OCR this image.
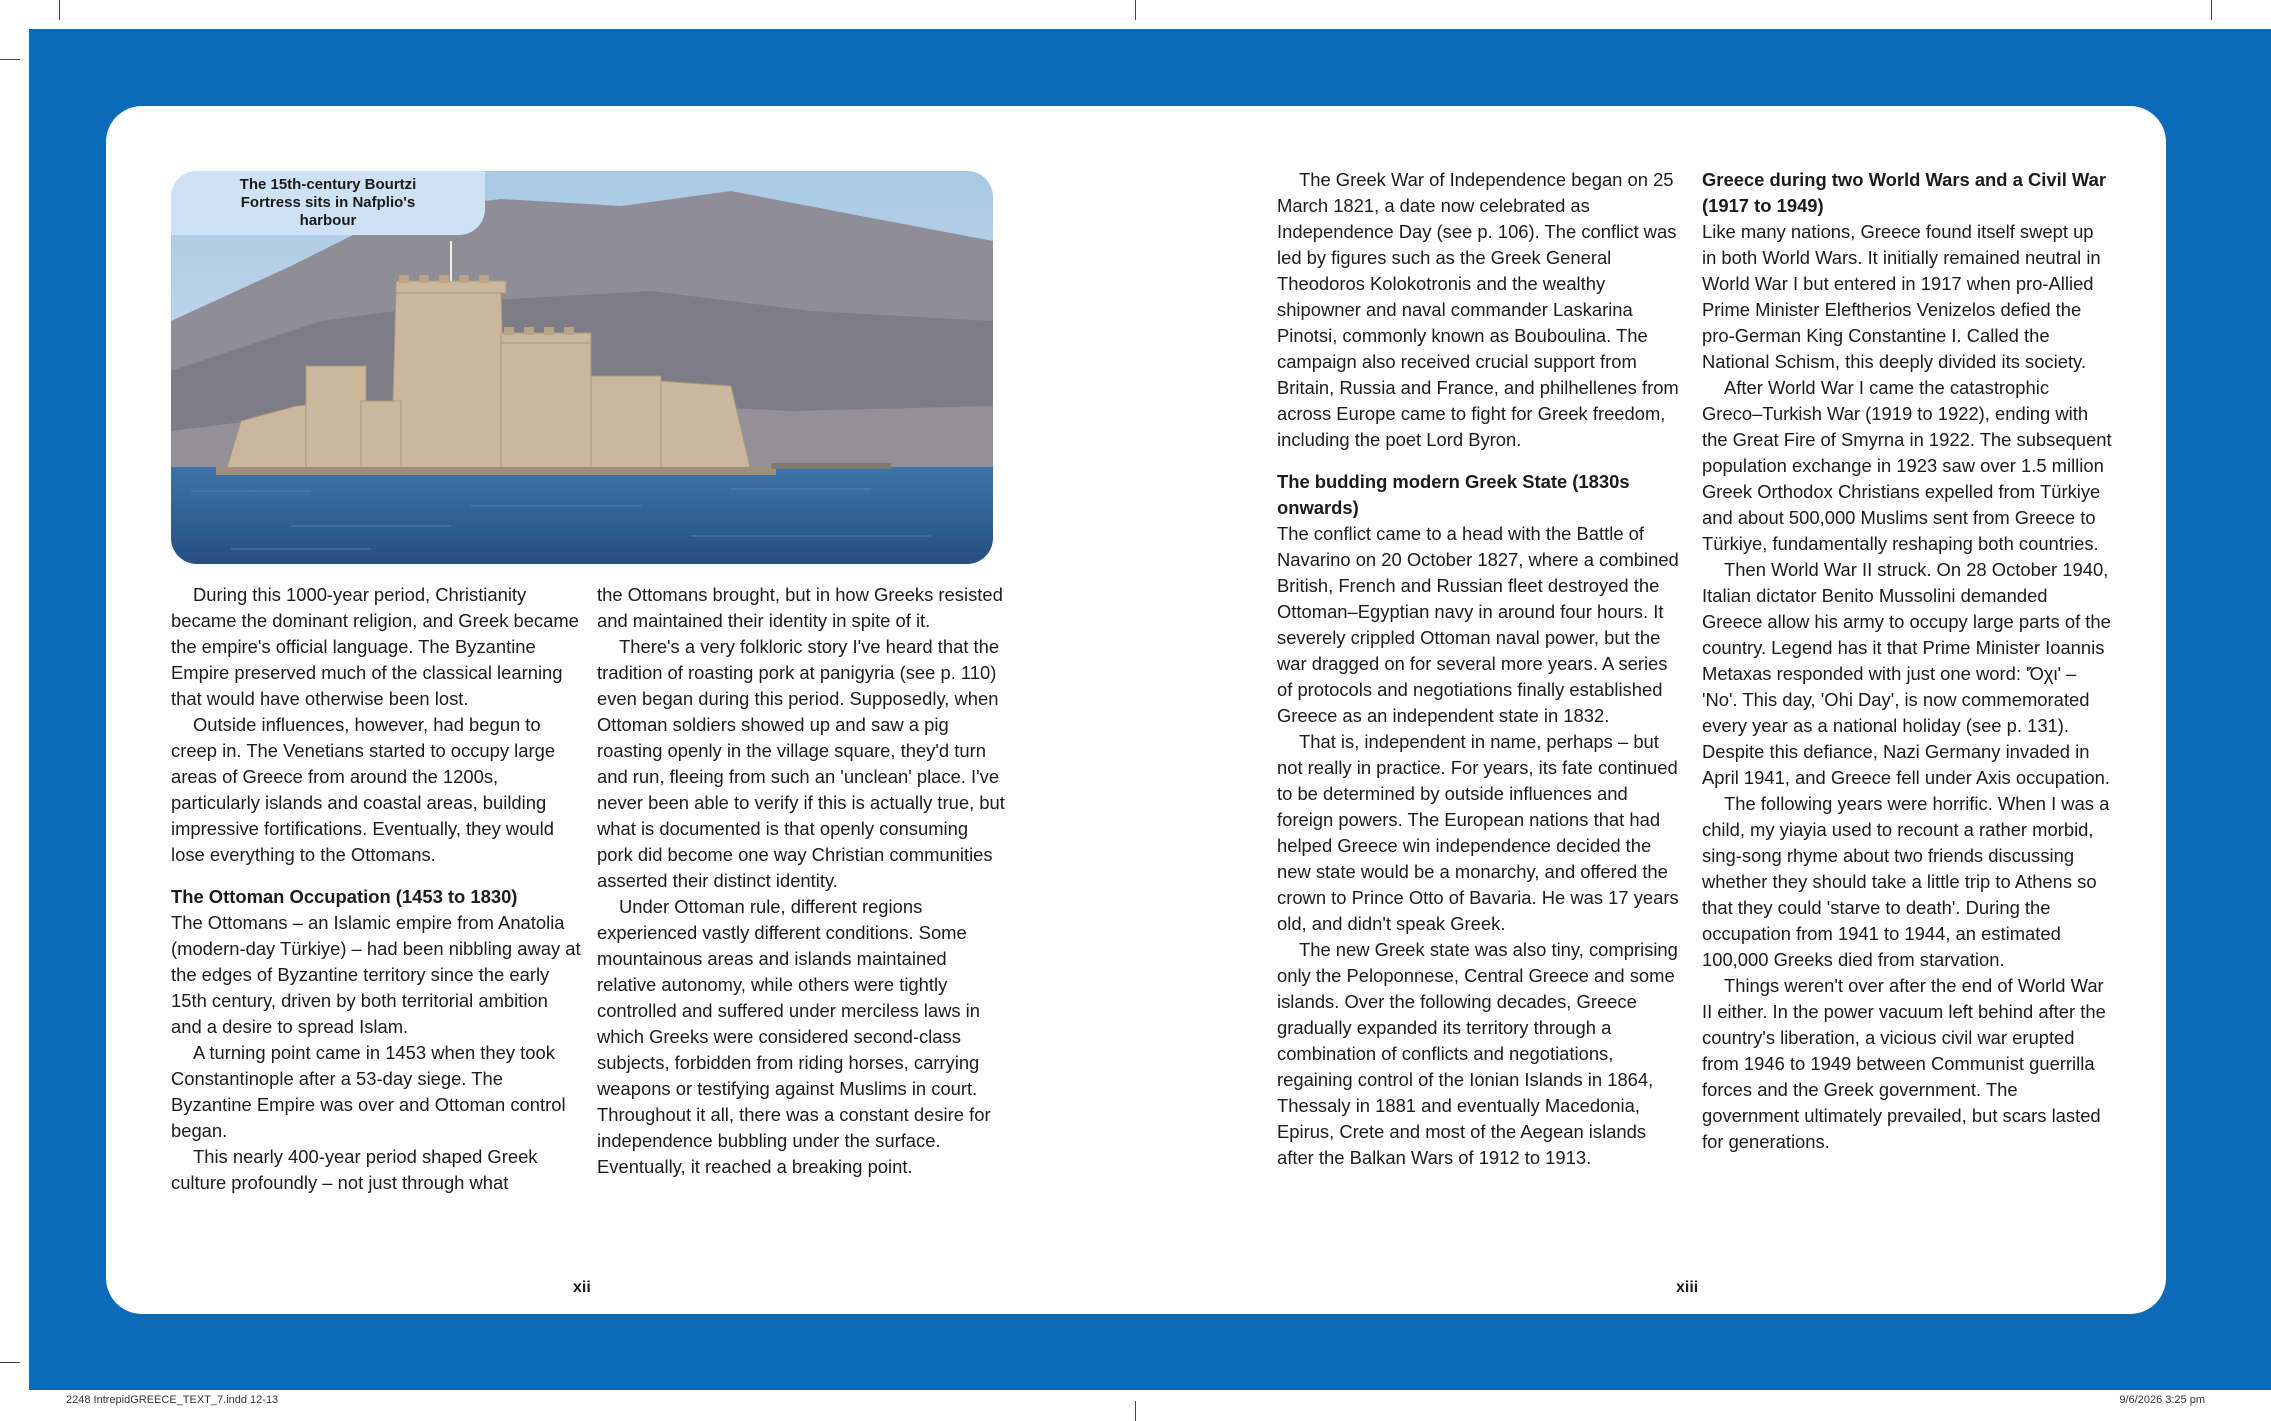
The 15th-century Bourtzi Fortress sits in Nafplio's harbour

During this 1000-year period, Christianity became the dominant religion, and Greek became the empire's official language. The Byzantine Empire preserved much of the classical learning that would have otherwise been lost.

Outside influences, however, had begun to creep in. The Venetians started to occupy large areas of Greece from around the 1200s, particularly islands and coastal areas, building impressive fortifications. Eventually, they would lose everything to the Ottomans.

The Ottoman Occupation (1453 to 1830)

The Ottomans – an Islamic empire from Anatolia (modern-day Türkiye) – had been nibbling away at the edges of Byzantine territory since the early 15th century, driven by both territorial ambition and a desire to spread Islam.

A turning point came in 1453 when they took Constantinople after a 53-day siege. The Byzantine Empire was over and Ottoman control began.

This nearly 400-year period shaped Greek culture profoundly – not just through what

the Ottomans brought, but in how Greeks resisted and maintained their identity in spite of it.

There's a very folkloric story I've heard that the tradition of roasting pork at panigyria (see p. 110) even began during this period. Supposedly, when Ottoman soldiers showed up and saw a pig roasting openly in the village square, they'd turn and run, fleeing from such an 'unclean' place. I've never been able to verify if this is actually true, but what is documented is that openly consuming pork did become one way Christian communities asserted their distinct identity.

Under Ottoman rule, different regions experienced vastly different conditions. Some mountainous areas and islands maintained relative autonomy, while others were tightly controlled and suffered under merciless laws in which Greeks were considered second-class subjects, forbidden from riding horses, carrying weapons or testifying against Muslims in court. Throughout it all, there was a constant desire for independence bubbling under the surface. Eventually, it reached a breaking point.

xii

The Greek War of Independence began on 25 March 1821, a date now celebrated as Independence Day (see p. 106). The conflict was led by figures such as the Greek General Theodoros Kolokotronis and the wealthy shipowner and naval commander Laskarina Pinotsi, commonly known as Bouboulina. The campaign also received crucial support from Britain, Russia and France, and philhellenes from across Europe came to fight for Greek freedom, including the poet Lord Byron.

The budding modern Greek State (1830s onwards)

The conflict came to a head with the Battle of Navarino on 20 October 1827, where a combined British, French and Russian fleet destroyed the Ottoman–Egyptian navy in around four hours. It severely crippled Ottoman naval power, but the war dragged on for several more years. A series of protocols and negotiations finally established Greece as an independent state in 1832.

That is, independent in name, perhaps – but not really in practice. For years, its fate continued to be determined by outside influences and foreign powers. The European nations that had helped Greece win independence decided the new state would be a monarchy, and offered the crown to Prince Otto of Bavaria. He was 17 years old, and didn't speak Greek.

The new Greek state was also tiny, comprising only the Peloponnese, Central Greece and some islands. Over the following decades, Greece gradually expanded its territory through a combination of conflicts and negotiations, regaining control of the Ionian Islands in 1864, Thessaly in 1881 and eventually Macedonia, Epirus, Crete and most of the Aegean islands after the Balkan Wars of 1912 to 1913.

Greece during two World Wars and a Civil War (1917 to 1949)

Like many nations, Greece found itself swept up in both World Wars. It initially remained neutral in World War I but entered in 1917 when pro-Allied Prime Minister Eleftherios Venizelos defied the pro-German King Constantine I. Called the National Schism, this deeply divided its society.

After World War I came the catastrophic Greco–Turkish War (1919 to 1922), ending with the Great Fire of Smyrna in 1922. The subsequent population exchange in 1923 saw over 1.5 million Greek Orthodox Christians expelled from Türkiye and about 500,000 Muslims sent from Greece to Türkiye, fundamentally reshaping both countries.

Then World War II struck. On 28 October 1940, Italian dictator Benito Mussolini demanded Greece allow his army to occupy large parts of the country. Legend has it that Prime Minister Ioannis Metaxas responded with just one word: 'Όχι' – 'No'. This day, 'Ohi Day', is now commemorated every year as a national holiday (see p. 131). Despite this defiance, Nazi Germany invaded in April 1941, and Greece fell under Axis occupation.

The following years were horrific. When I was a child, my yiayia used to recount a rather morbid, sing-song rhyme about two friends discussing whether they should take a little trip to Athens so that they could 'starve to death'. During the occupation from 1941 to 1944, an estimated 100,000 Greeks died from starvation.

Things weren't over after the end of World War II either. In the power vacuum left behind after the country's liberation, a vicious civil war erupted from 1946 to 1949 between Communist guerrilla forces and the Greek government. The government ultimately prevailed, but scars lasted for generations.

xiii
2248 IntrepidGREECE_TEXT_7.indd 12-13	9/6/2026 3:25 pm
